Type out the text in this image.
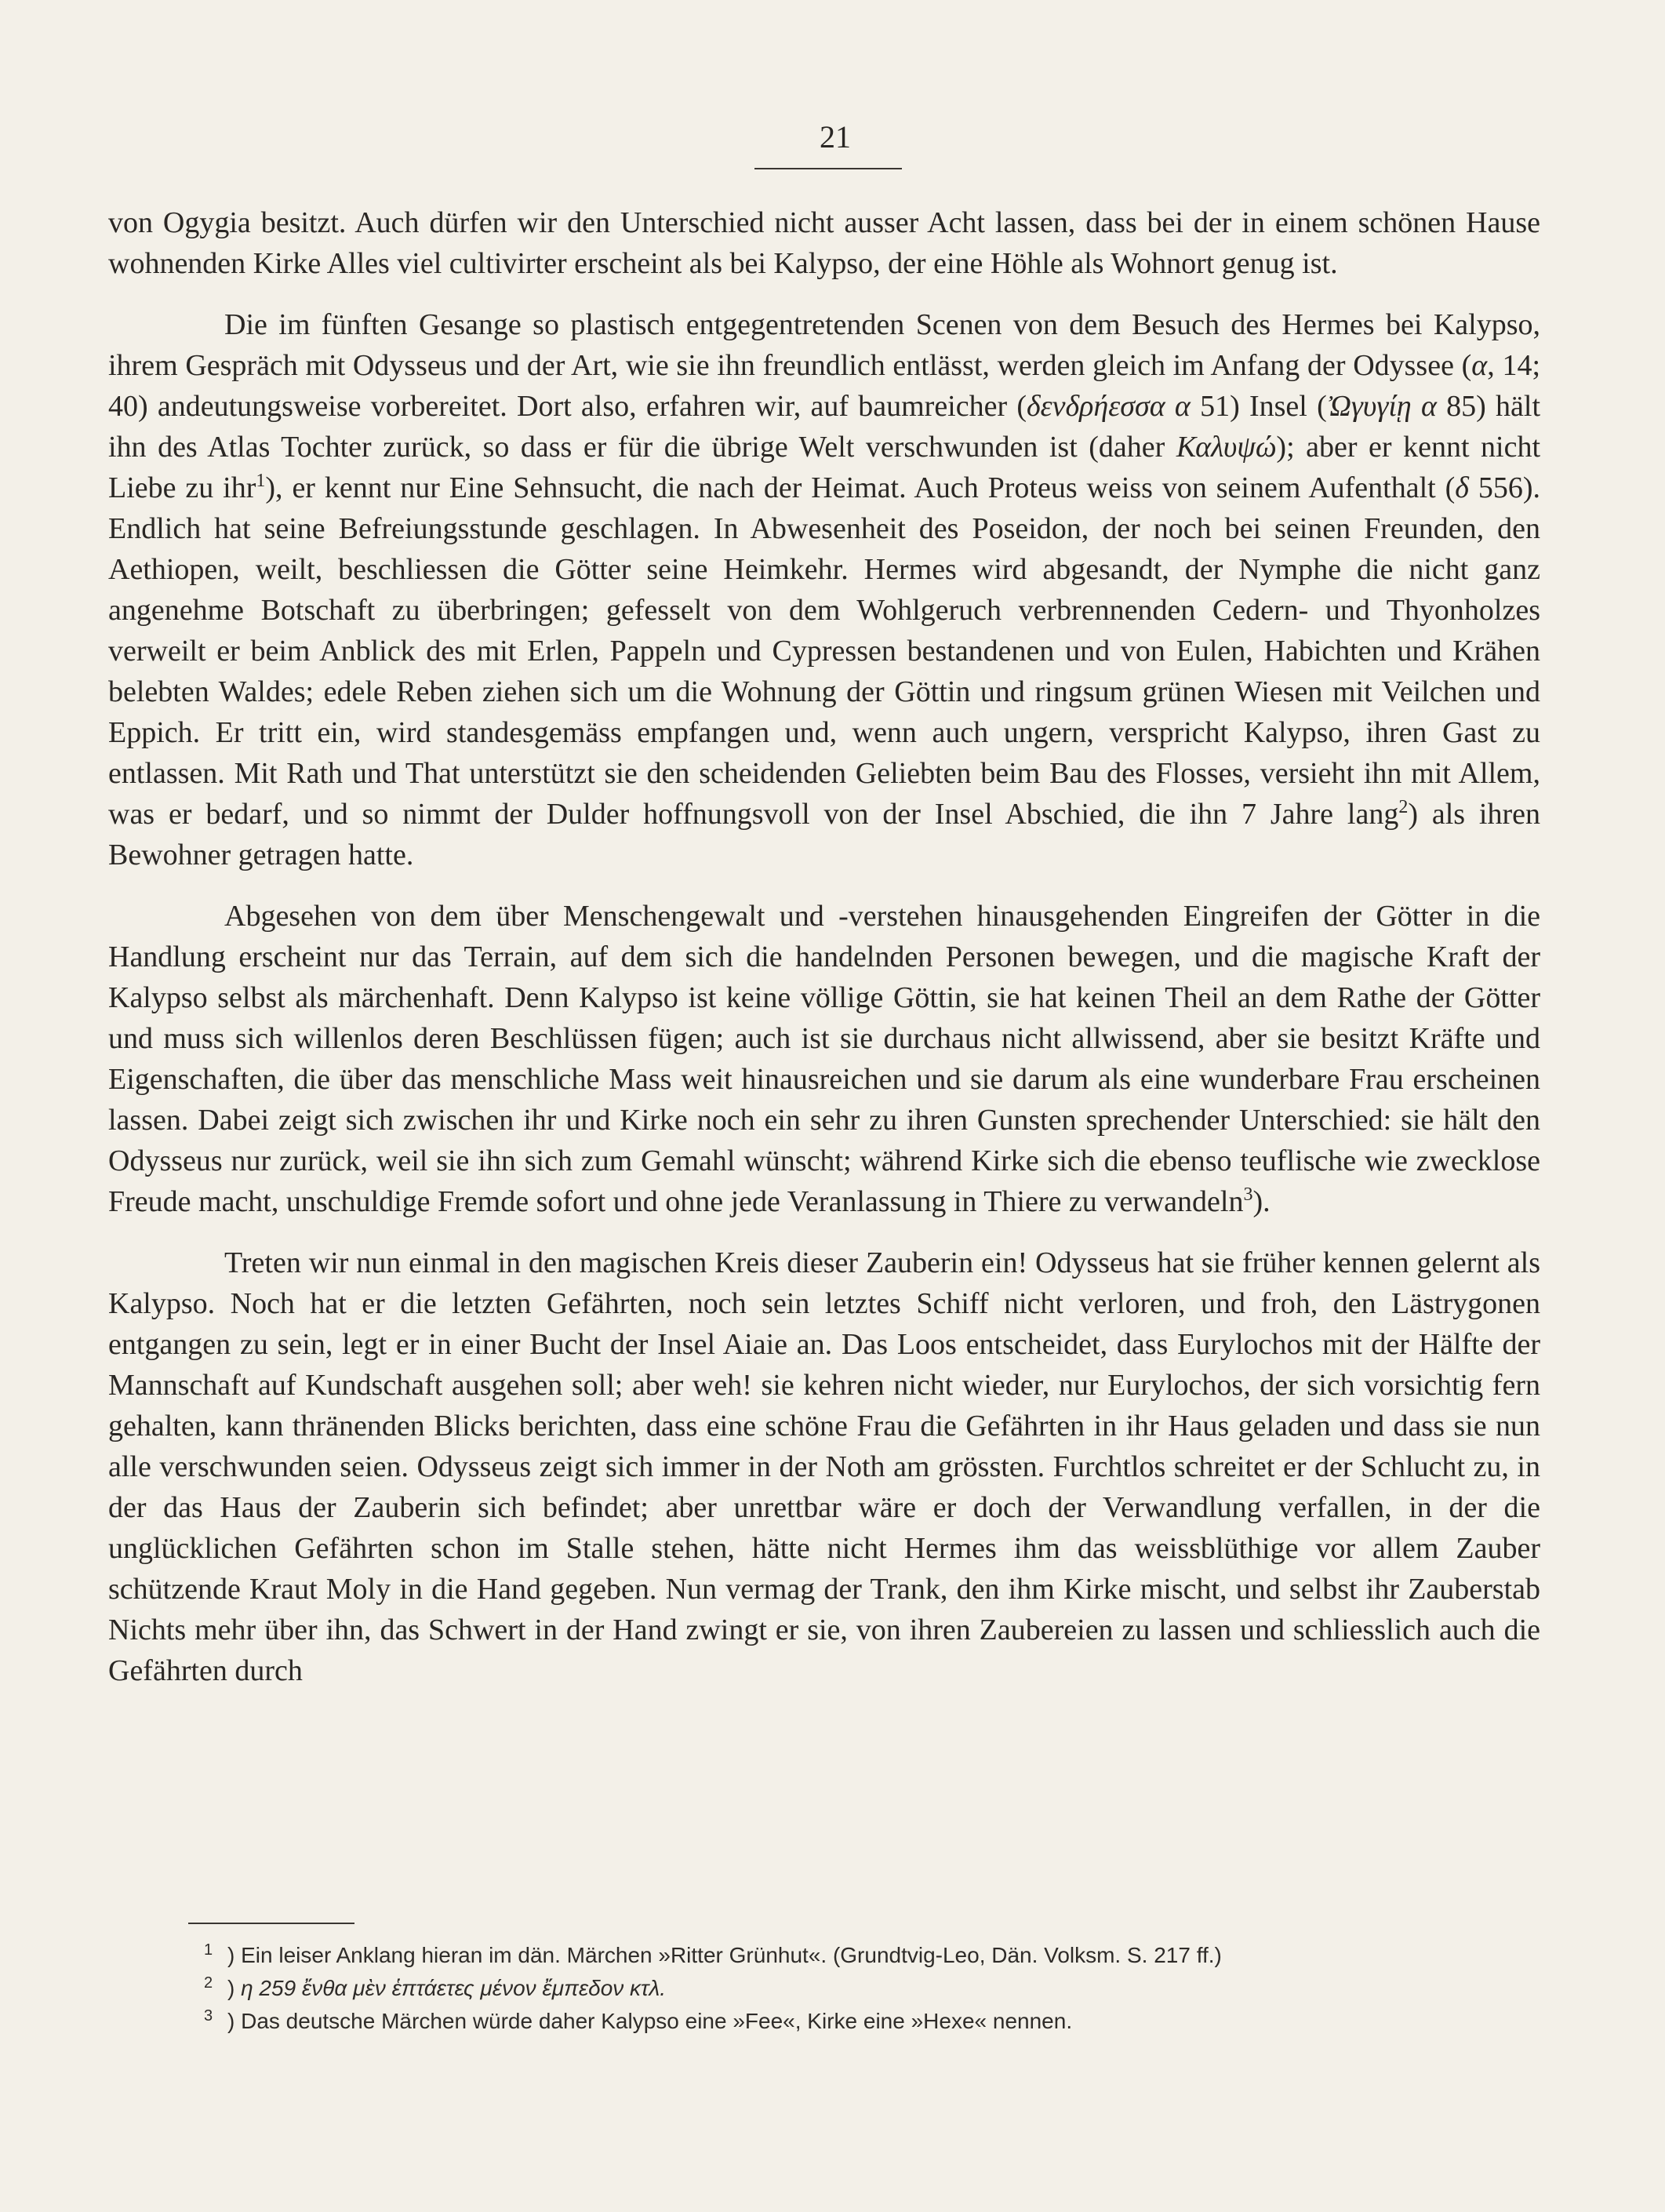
21

von Ogygia besitzt. Auch dürfen wir den Unterschied nicht ausser Acht lassen, dass bei der in einem schönen Hause wohnenden Kirke Alles viel cultivirter erscheint als bei Kalypso, der eine Höhle als Wohnort genug ist.

Die im fünften Gesange so plastisch entgegentretenden Scenen von dem Besuch des Hermes bei Kalypso, ihrem Gespräch mit Odysseus und der Art, wie sie ihn freundlich entlässt, werden gleich im Anfang der Odyssee (α, 14; 40) andeutungsweise vorbereitet. Dort also, erfahren wir, auf baumreicher (δενδρήεσσα α 51) Insel (Ὠγυγίῃ α 85) hält ihn des Atlas Tochter zurück, so dass er für die übrige Welt verschwunden ist (daher Καλυψώ); aber er kennt nicht Liebe zu ihr$^1$), er kennt nur Eine Sehnsucht, die nach der Heimat. Auch Proteus weiss von seinem Aufenthalt (δ 556). Endlich hat seine Befreiungsstunde geschlagen. In Abwesenheit des Poseidon, der noch bei seinen Freunden, den Aethiopen, weilt, beschliessen die Götter seine Heimkehr. Hermes wird abgesandt, der Nymphe die nicht ganz angenehme Botschaft zu überbringen; gefesselt von dem Wohlgeruch verbrennenden Cedern- und Thyonholzes verweilt er beim Anblick des mit Erlen, Pappeln und Cypressen bestandenen und von Eulen, Habichten und Krähen belebten Waldes; edele Reben ziehen sich um die Wohnung der Göttin und ringsum grünen Wiesen mit Veilchen und Eppich. Er tritt ein, wird standesgemäss empfangen und, wenn auch ungern, verspricht Kalypso, ihren Gast zu entlassen. Mit Rath und That unterstützt sie den scheidenden Geliebten beim Bau des Flosses, versieht ihn mit Allem, was er bedarf, und so nimmt der Dulder hoffnungsvoll von der Insel Abschied, die ihn 7 Jahre lang$^2$) als ihren Bewohner getragen hatte.

Abgesehen von dem über Menschengewalt und -verstehen hinausgehenden Eingreifen der Götter in die Handlung erscheint nur das Terrain, auf dem sich die handelnden Personen bewegen, und die magische Kraft der Kalypso selbst als märchenhaft. Denn Kalypso ist keine völlige Göttin, sie hat keinen Theil an dem Rathe der Götter und muss sich willenlos deren Beschlüssen fügen; auch ist sie durchaus nicht allwissend, aber sie besitzt Kräfte und Eigenschaften, die über das menschliche Mass weit hinausreichen und sie darum als eine wunderbare Frau erscheinen lassen. Dabei zeigt sich zwischen ihr und Kirke noch ein sehr zu ihren Gunsten sprechender Unterschied: sie hält den Odysseus nur zurück, weil sie ihn sich zum Gemahl wünscht; während Kirke sich die ebenso teuflische wie zwecklose Freude macht, unschuldige Fremde sofort und ohne jede Veranlassung in Thiere zu verwandeln$^3$).

Treten wir nun einmal in den magischen Kreis dieser Zauberin ein! Odysseus hat sie früher kennen gelernt als Kalypso. Noch hat er die letzten Gefährten, noch sein letztes Schiff nicht verloren, und froh, den Lästrygonen entgangen zu sein, legt er in einer Bucht der Insel Aiaie an. Das Loos entscheidet, dass Eurylochos mit der Hälfte der Mannschaft auf Kundschaft ausgehen soll; aber weh! sie kehren nicht wieder, nur Eurylochos, der sich vorsichtig fern gehalten, kann thränenden Blicks berichten, dass eine schöne Frau die Gefährten in ihr Haus geladen und dass sie nun alle verschwunden seien. Odysseus zeigt sich immer in der Noth am grössten. Furchtlos schreitet er der Schlucht zu, in der das Haus der Zauberin sich befindet; aber unrettbar wäre er doch der Verwandlung verfallen, in der die unglücklichen Gefährten schon im Stalle stehen, hätte nicht Hermes ihm das weissblüthige vor allem Zauber schützende Kraut Moly in die Hand gegeben. Nun vermag der Trank, den ihm Kirke mischt, und selbst ihr Zauberstab Nichts mehr über ihn, das Schwert in der Hand zwingt er sie, von ihren Zaubereien zu lassen und schliesslich auch die Gefährten durch

$^1$ ) Ein leiser Anklang hieran im dän. Märchen »Ritter Grünhut«. (Grundtvig-Leo, Dän. Volksm. S. 217 ff.)
$^2$ ) η 259 ἔνθα μὲν ἑπτάετες μένον ἔμπεδον κτλ.
$^3$ ) Das deutsche Märchen würde daher Kalypso eine »Fee«, Kirke eine »Hexe« nennen.
